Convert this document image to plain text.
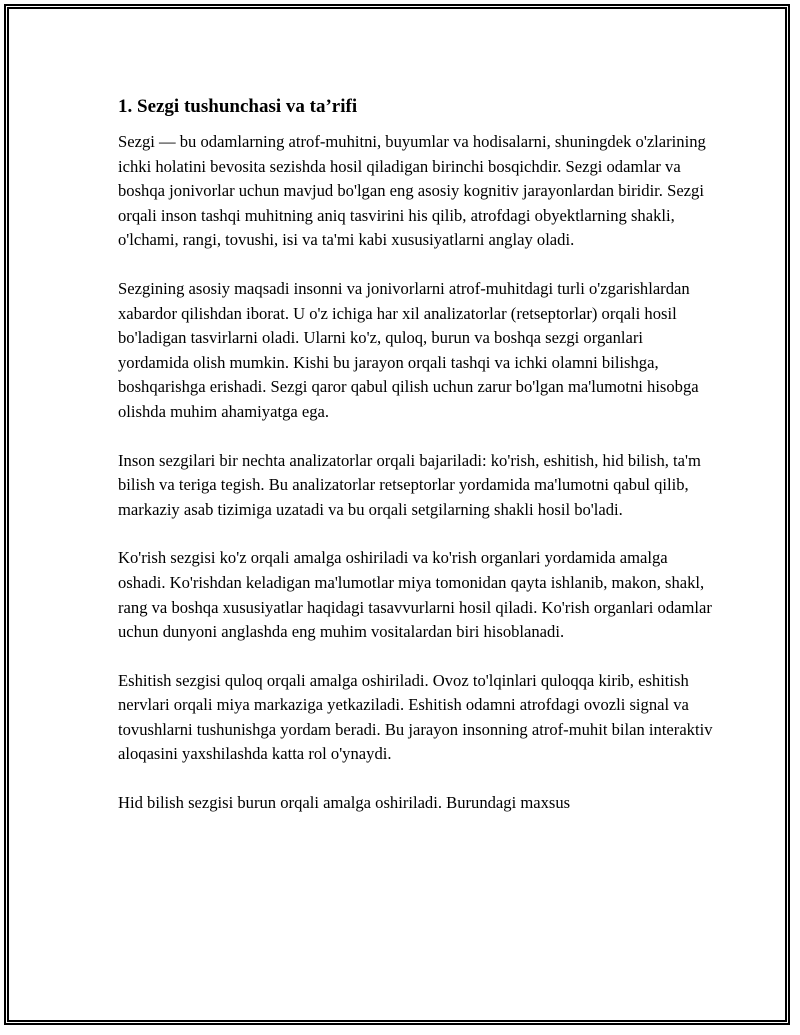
1. Sezgi tushunchasi va ta’rifi

Sezgi — bu odamlarning atrof-muhitni, buyumlar va hodisalarni, shuningdek o'zlarining ichki holatini bevosita sezishda hosil qiladigan birinchi bosqichdir. Sezgi odamlar va boshqa jonivorlar uchun mavjud bo'lgan eng asosiy kognitiv jarayonlardan biridir. Sezgi orqali inson tashqi muhitning aniq tasvirini his qilib, atrofdagi obyektlarning shakli, o'lchami, rangi, tovushi, isi va ta'mi kabi xususiyatlarni anglay oladi.

Sezgining asosiy maqsadi insonni va jonivorlarni atrof-muhitdagi turli o'zgarishlardan xabardor qilishdan iborat. U o'z ichiga har xil analizatorlar (retseptorlar) orqali hosil bo'ladigan tasvirlarni oladi. Ularni ko'z, quloq, burun va boshqa sezgi organlari yordamida olish mumkin. Kishi bu jarayon orqali tashqi va ichki olamni bilishga, boshqarishga erishadi. Sezgi qaror qabul qilish uchun zarur bo'lgan ma'lumotni hisobga olishda muhim ahamiyatga ega.

Inson sezgilari bir nechta analizatorlar orqali bajariladi: ko'rish, eshitish, hid bilish, ta'm bilish va teriga tegish. Bu analizatorlar retseptorlar yordamida ma'lumotni qabul qilib, markaziy asab tizimiga uzatadi va bu orqali setgilarning shakli hosil bo'ladi.

Ko'rish sezgisi ko'z orqali amalga oshiriladi va ko'rish organlari yordamida amalga oshadi. Ko'rishdan keladigan ma'lumotlar miya tomonidan qayta ishlanib, makon, shakl, rang va boshqa xususiyatlar haqidagi tasavvurlarni hosil qiladi. Ko'rish organlari odamlar uchun dunyoni anglashda eng muhim vositalardan biri hisoblanadi.

Eshitish sezgisi quloq orqali amalga oshiriladi. Ovoz to'lqinlari quloqqa kirib, eshitish nervlari orqali miya markaziga yetkaziladi. Eshitish odamni atrofdagi ovozli signal va tovushlarni tushunishga yordam beradi. Bu jarayon insonning atrof-muhit bilan interaktiv aloqasini yaxshilashda katta rol o'ynaydi.

Hid bilish sezgisi burun orqali amalga oshiriladi. Burundagi maxsus
